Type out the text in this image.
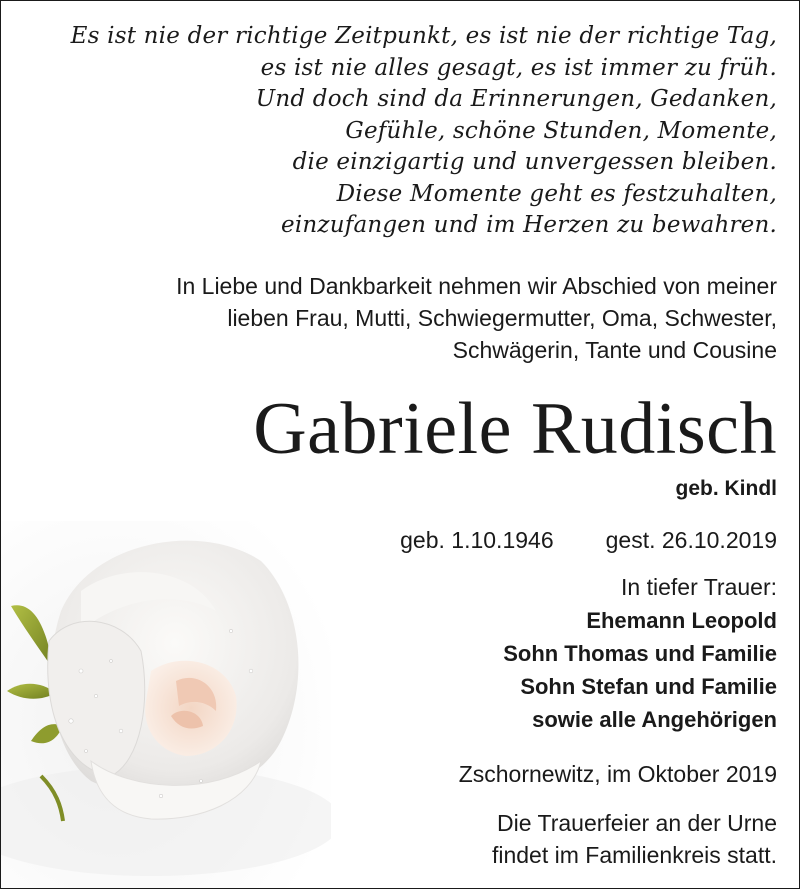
Es ist nie der richtige Zeitpunkt, es ist nie der richtige Tag,
es ist nie alles gesagt, es ist immer zu früh.
Und doch sind da Erinnerungen, Gedanken,
Gefühle, schöne Stunden, Momente,
die einzigartig und unvergessen bleiben.
Diese Momente geht es festzuhalten,
einzufangen und im Herzen zu bewahren.
In Liebe und Dankbarkeit nehmen wir Abschied von meiner
lieben Frau, Mutti, Schwiegermutter, Oma, Schwester,
Schwägerin, Tante und Cousine
Gabriele Rudisch
geb. Kindl
geb. 1.10.1946 gest. 26.10.2019
In tiefer Trauer:
Ehemann Leopold
Sohn Thomas und Familie
Sohn Stefan und Familie
sowie alle Angehörigen
Zschornewitz, im Oktober 2019
Die Trauerfeier an der Urne
findet im Familienkreis statt.
